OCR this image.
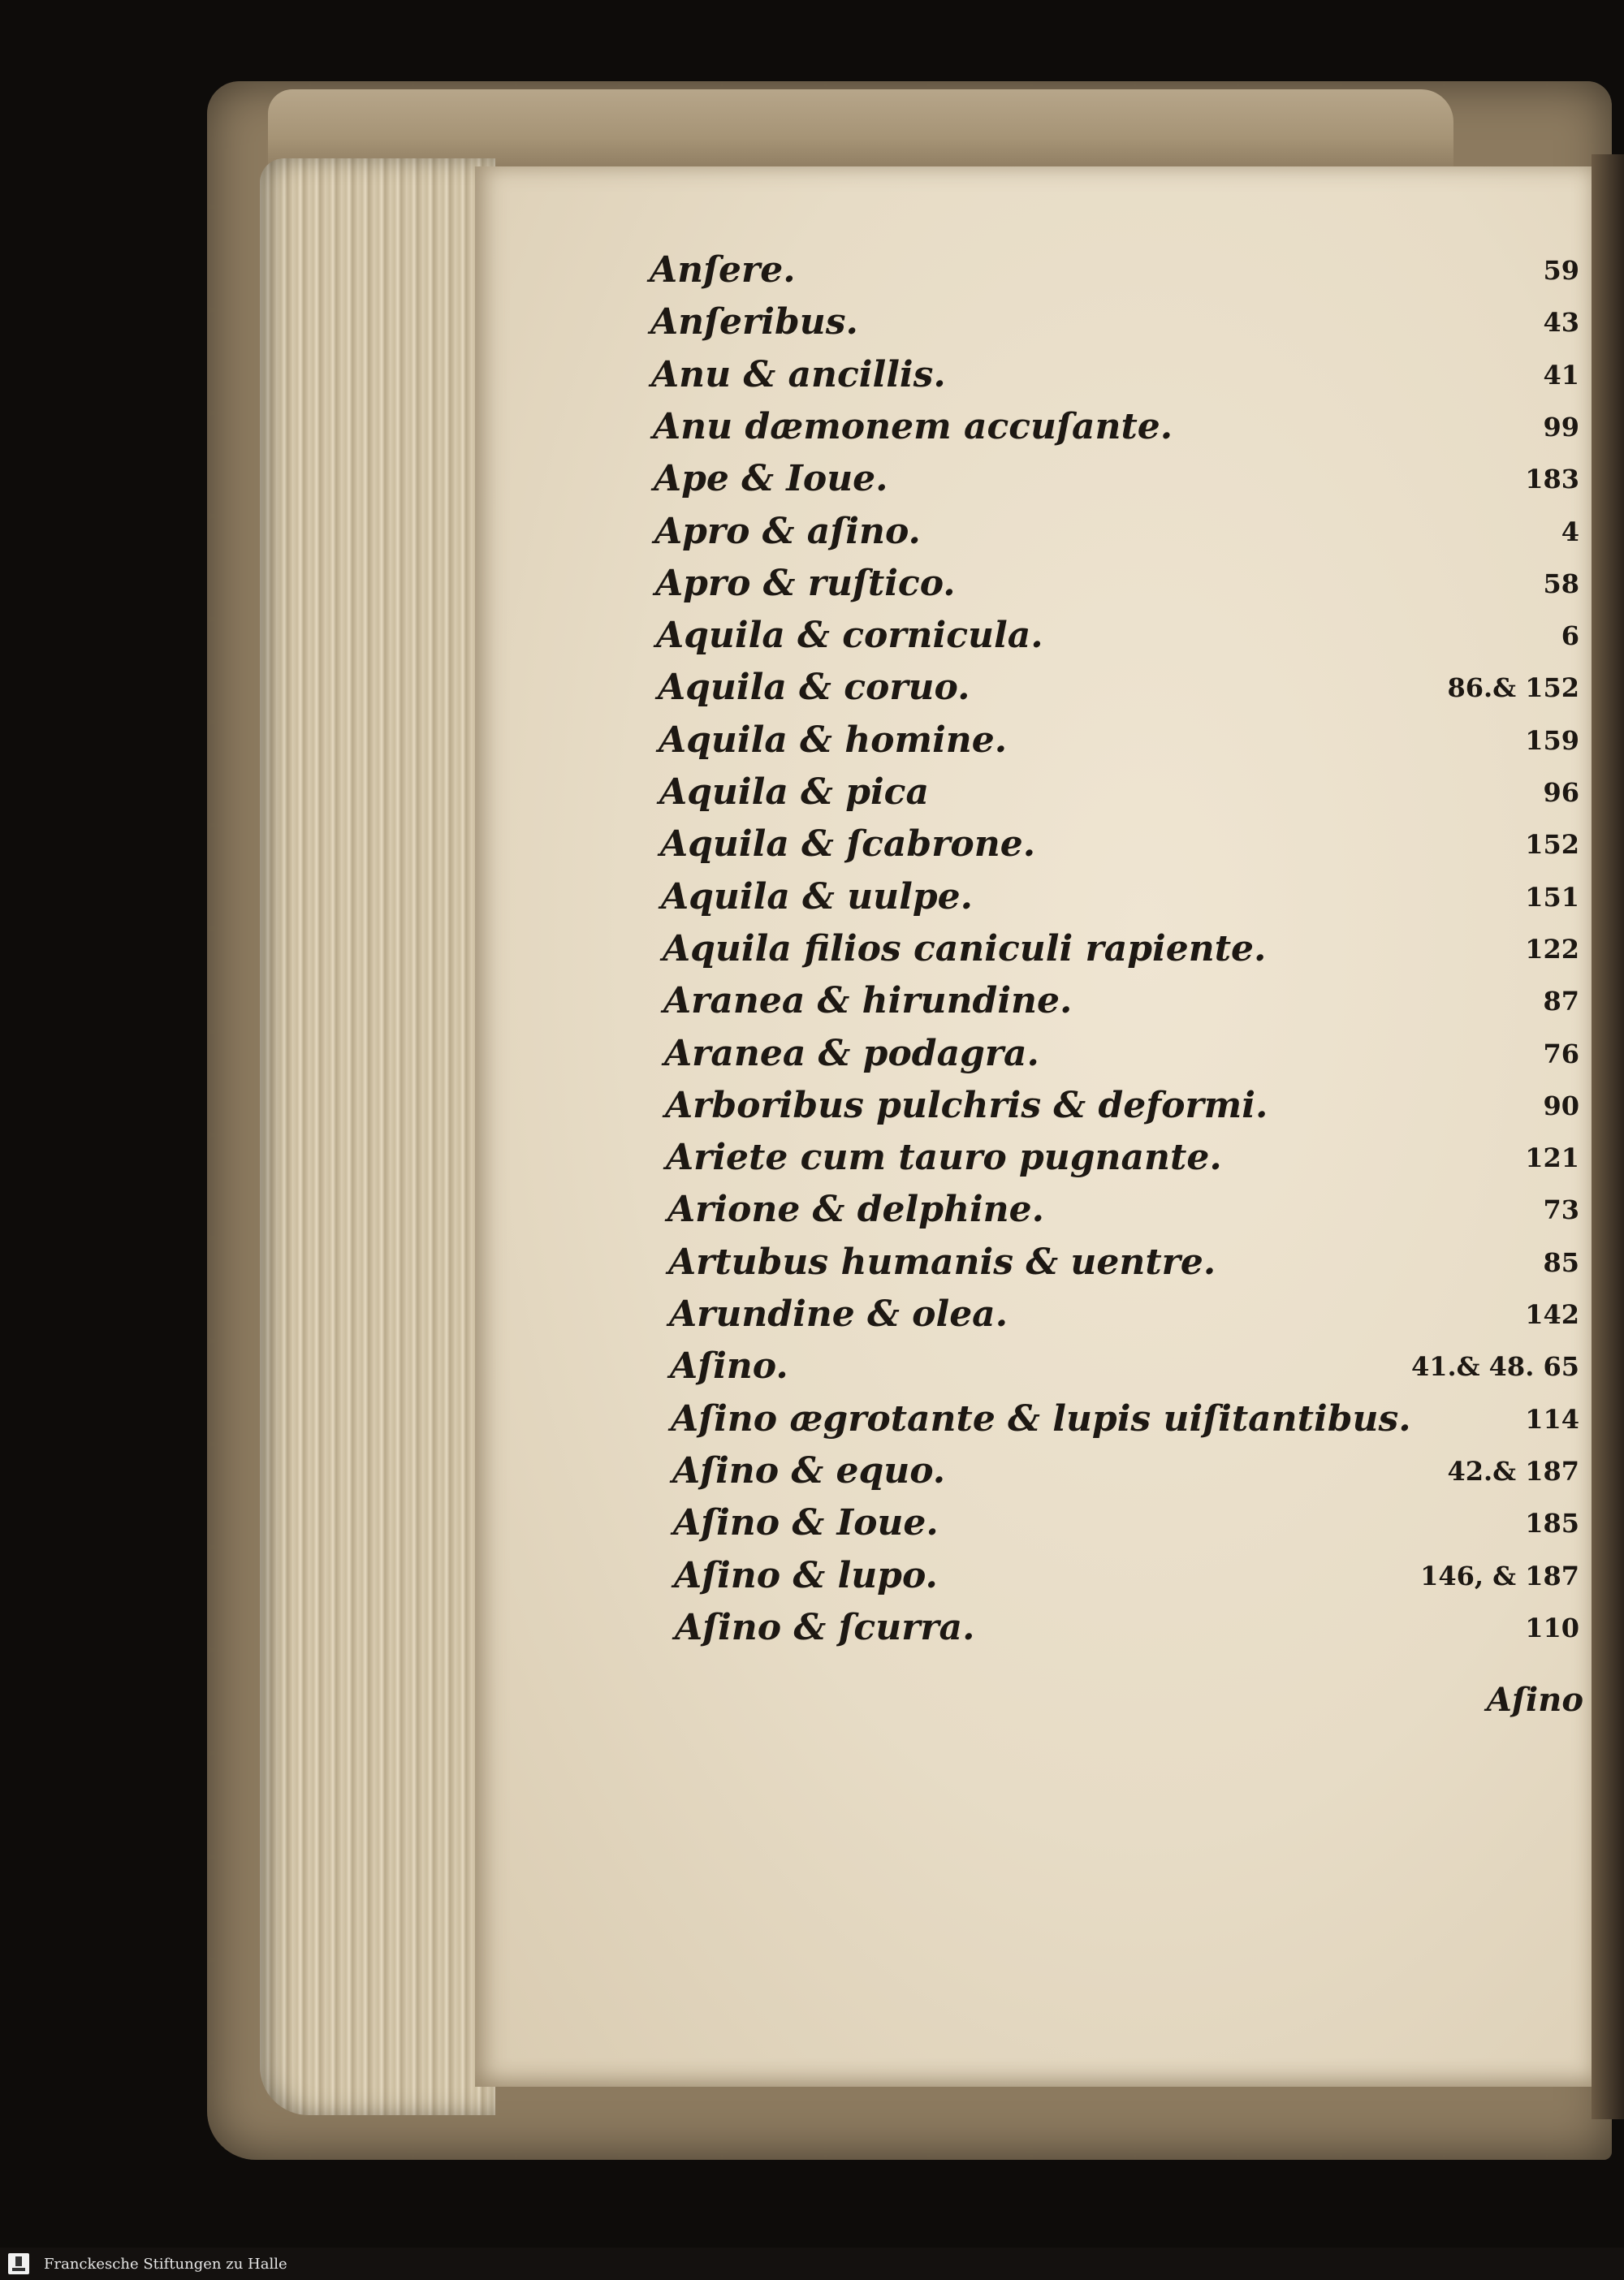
Anſere.	59
Anſeribus.	43
Anu & ancillis.	41
Anu dæmonem accuſante.	99
Ape & Ioue.	183
Apro & aſino.	4
Apro & ruſtico.	58
Aquila & cornicula.	6
Aquila & coruo.	86.& 152
Aquila & homine.	159
Aquila & pica	96
Aquila & ſcabrone.	152
Aquila & uulpe.	151
Aquila filios caniculi rapiente.	122
Aranea & hirundine.	87
Aranea & podagra.	76
Arboribus pulchris & deformi.	90
Ariete cum tauro pugnante.	121
Arione & delphine.	73
Artubus humanis & uentre.	85
Arundine & olea.	142
Aſino.	41.& 48. 65
Aſino ægrotante & lupis uiſitantibus.	114
Aſino & equo.	42.& 187
Aſino & Ioue.	185
Aſino & lupo.	146, & 187
Aſino & ſcurra.	110
Aſino
Franckesche Stiftungen zu Halle
